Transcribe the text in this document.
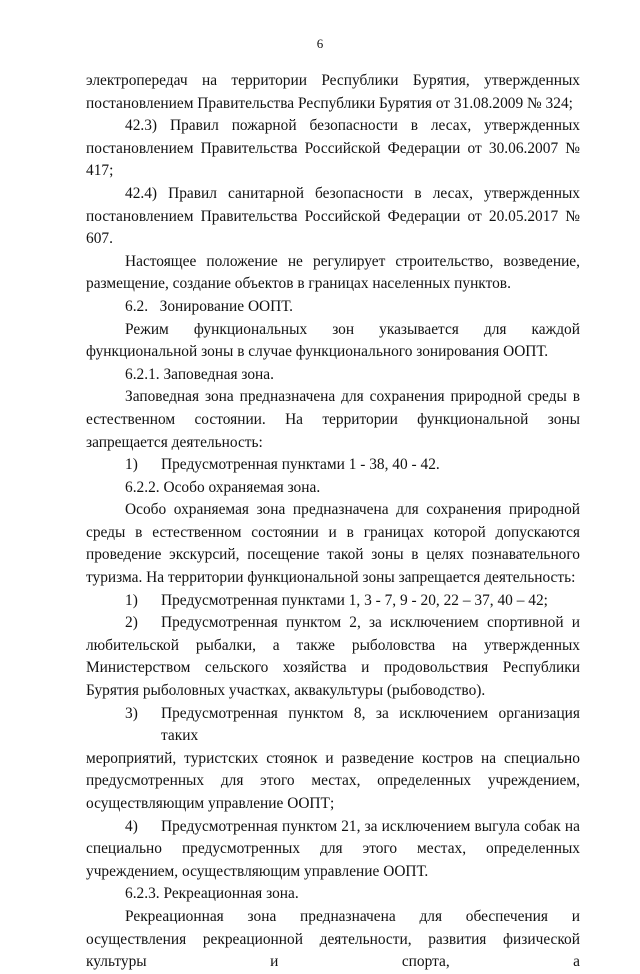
6

электропередач на территории Республики Бурятия, утвержденных постановлением Правительства Республики Бурятия от 31.08.2009 № 324;

42.3) Правил пожарной безопасности в лесах, утвержденных постановлением Правительства Российской Федерации от 30.06.2007 № 417;

42.4) Правил санитарной безопасности в лесах, утвержденных постановлением Правительства Российской Федерации от 20.05.2017 № 607.

Настоящее положение не регулирует строительство, возведение, размещение, создание объектов в границах населенных пунктов.

6.2.   Зонирование ООПТ.

Режим функциональных зон указывается для каждой функциональной зоны в случае функционального зонирования ООПТ.

6.2.1. Заповедная зона.

Заповедная зона предназначена для сохранения природной среды в естественном состоянии. На территории функциональной зоны запрещается деятельность:

1)	Предусмотренная пунктами 1 - 38, 40 - 42.

6.2.2. Особо охраняемая зона.

Особо охраняемая зона предназначена для сохранения природной среды в естественном состоянии и в границах которой допускаются проведение экскурсий, посещение такой зоны в целях познавательного туризма. На территории функциональной зоны запрещается деятельность:

1)	Предусмотренная пунктами 1, 3 - 7, 9 - 20, 22 – 37, 40 – 42;
2)	Предусмотренная пунктом 2, за исключением спортивной и

любительской рыбалки, а также рыболовства на утвержденных Министерством сельского хозяйства и продовольствия Республики Бурятия рыболовных участках, аквакультуры (рыбоводство).

3)	Предусмотренная пунктом 8, за исключением организация таких

мероприятий, туристских стоянок и разведение костров на специально предусмотренных для этого местах, определенных учреждением, осуществляющим управление ООПТ;

4)	Предусмотренная пунктом 21, за исключением выгула собак на

специально предусмотренных для этого местах, определенных учреждением, осуществляющим управление ООПТ.

6.2.3. Рекреационная зона.

Рекреационная зона предназначена для обеспечения и осуществления рекреационной деятельности, развития физической культуры и спорта, а
